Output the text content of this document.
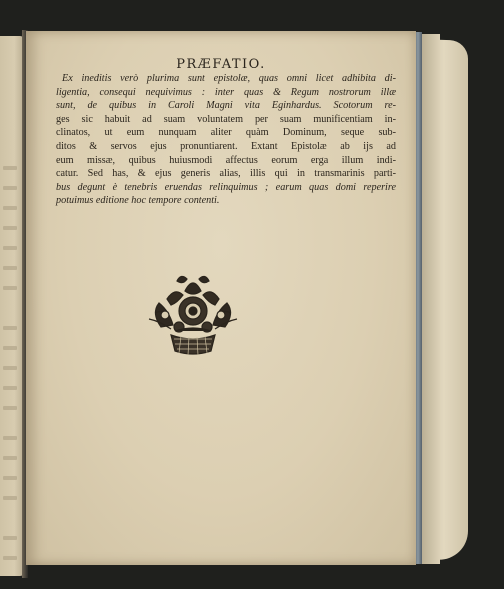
PRÆFATIO.
Ex ineditis verò plurima sunt epistolæ, quas omni licet adhibita di-
ligentia, consequi nequivimus : inter quas & Regum nostrorum illæ
sunt, de quibus in Caroli Magni vita Eginhardus. Scotorum re-
ges sic habuit ad suam voluntatem per suam munificentiam in-
clinatos, ut eum nunquam aliter quàm Dominum, seque sub-
ditos & servos ejus pronuntiarent. Extant Epistolæ ab ijs ad
eum missæ, quibus huiusmodi affectus eorum erga illum indi-
catur. Sed has, & ejus generis alias, illis qui in transmarinis parti-
bus degunt è tenebris eruendas relinquimus ; earum quas domi reperire
potuimus editione hoc tempore contenti.
